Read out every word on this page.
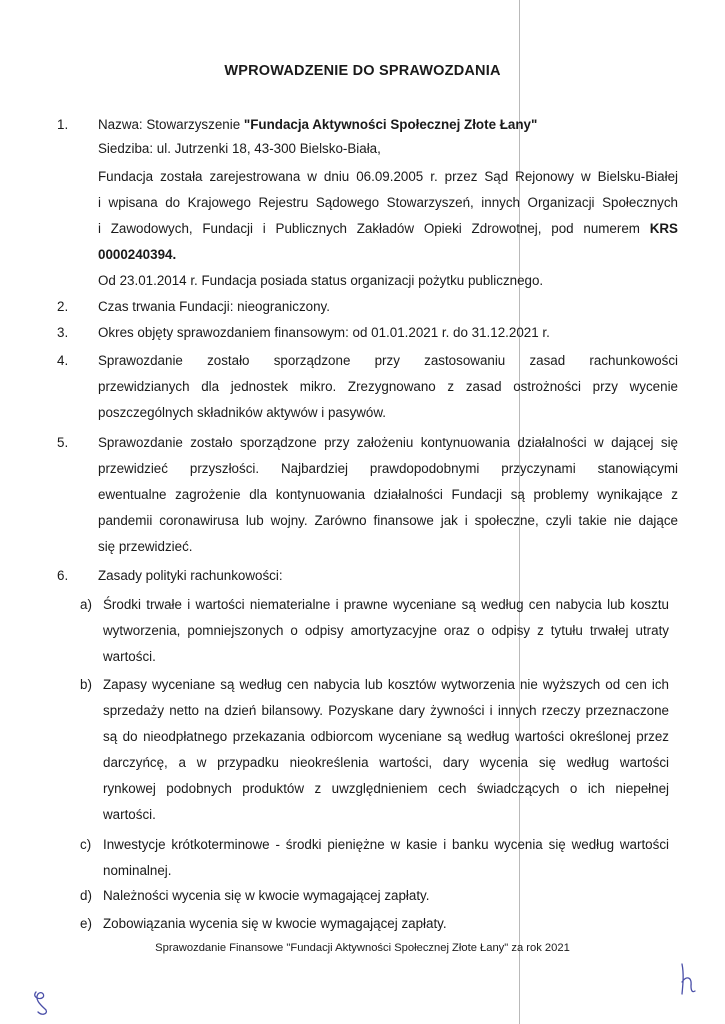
WPROWADZENIE DO SPRAWOZDANIA
1. Nazwa: Stowarzyszenie "Fundacja Aktywności Społecznej Złote Łany"
Siedziba: ul. Jutrzenki 18, 43-300 Bielsko-Biała,
Fundacja została zarejestrowana w dniu 06.09.2005 r. przez Sąd Rejonowy w Bielsku-Białej
i wpisana do Krajowego Rejestru Sądowego Stowarzyszeń, innych Organizacji Społecznych
i Zawodowych, Fundacji i Publicznych Zakładów Opieki Zdrowotnej, pod numerem KRS
0000240394.
Od 23.01.2014 r. Fundacja posiada status organizacji pożytku publicznego.
2. Czas trwania Fundacji: nieograniczony.
3. Okres objęty sprawozdaniem finansowym: od 01.01.2021 r. do 31.12.2021 r.
4. Sprawozdanie zostało sporządzone przy zastosowaniu zasad rachunkowości
przewidzianych dla jednostek mikro. Zrezygnowano z zasad ostrożności przy wycenie
poszczególnych składników aktywów i pasywów.
5. Sprawozdanie zostało sporządzone przy założeniu kontynuowania działalności w dającej się
przewidzieć przyszłości. Najbardziej prawdopodobnymi przyczynami stanowiącymi
ewentualne zagrożenie dla kontynuowania działalności Fundacji są problemy wynikające z
pandemii coronawirusa lub wojny. Zarówno finansowe jak i społeczne, czyli takie nie dające
się przewidzieć.
6. Zasady polityki rachunkowości:
a) Środki trwałe i wartości niematerialne i prawne wyceniane są według cen nabycia lub kosztu
wytworzenia, pomniejszonych o odpisy amortyzacyjne oraz o odpisy z tytułu trwałej utraty
wartości.
b) Zapasy wyceniane są według cen nabycia lub kosztów wytworzenia nie wyższych od cen ich
sprzedaży netto na dzień bilansowy. Pozyskane dary żywności i innych rzeczy przeznaczone
są do nieodpłatnego przekazania odbiorcom wyceniane są według wartości określonej przez
darczyńcę, a w przypadku nieokreślenia wartości, dary wycenia się według wartości
rynkowej podobnych produktów z uwzględnieniem cech świadczących o ich niepełnej
wartości.
c) Inwestycje krótkoterminowe - środki pieniężne w kasie i banku wycenia się według wartości
nominalnej.
d) Należności wycenia się w kwocie wymagającej zapłaty.
e) Zobowiązania wycenia się w kwocie wymagającej zapłaty.
Sprawozdanie Finansowe "Fundacji Aktywności Społecznej Złote Łany" za rok 2021
